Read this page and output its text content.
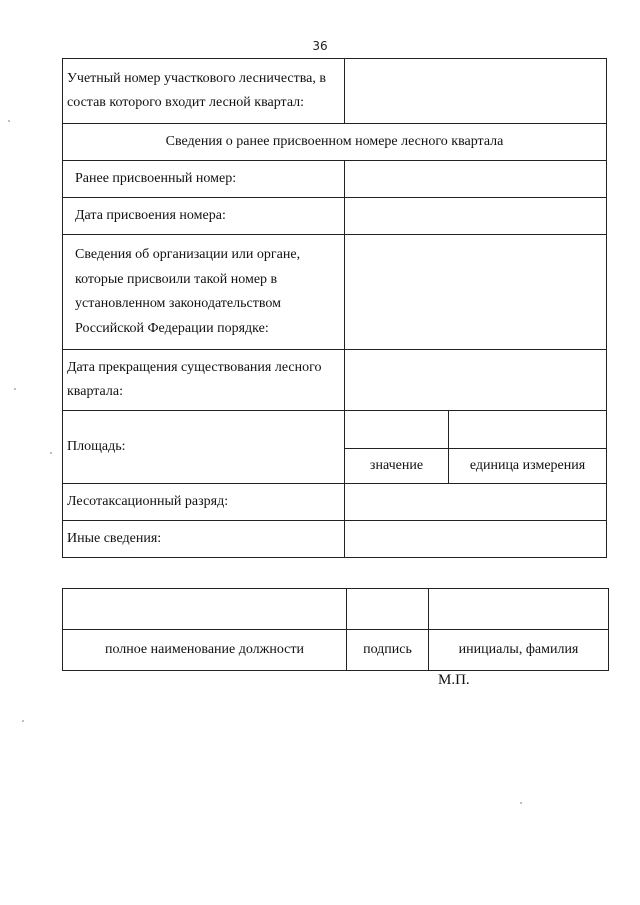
36
Учетный номер участкового лесничества, в состав которого входит лесной квартал:		

Сведения о ранее присвоенном номере лесного квартала		
Ранее присвоенный номер:		
Дата присвоения номера:		

Сведения об организации или органе, которые присвоили такой номер в установленном законодательством Российской Федерации порядке:		

Дата прекращения существования лесного квартала:		

Площадь:		
	значение	единица измерения
Лесотаксационный разряд:		
Иные сведения:		

полное наименование должности	подпись	инициалы, фамилия
М.П.
